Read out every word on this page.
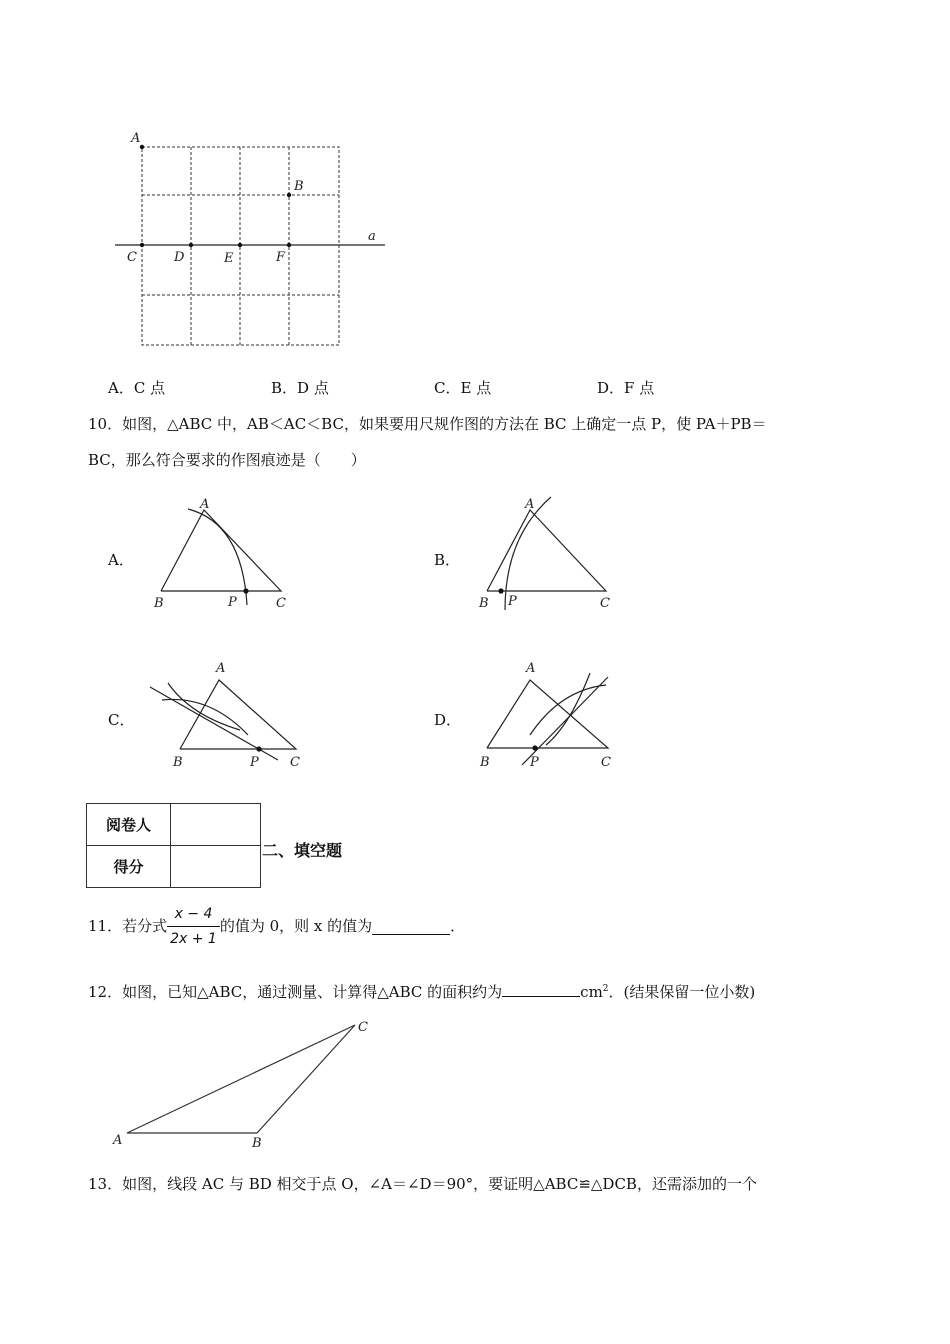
A
B
C	D	E	F
a
A．C 点	B．D 点	C．E 点	D．F 点
10．如图，△ABC 中，AB＜AC＜BC，如果要用尺规作图的方法在 BC 上确定一点 P，使 PA＋PB＝
BC，那么符合要求的作图痕迹是（　　）
A．	B．
C．	D．
A
B	P	C
A
B P	C
A
B	P C
A
B	P	C
阅卷人	
得分	
二、填空题
11． 若分式 $\frac{x - 4}{2x + 1}$ 的值为 0，则 x 的值为	．
12．如图，已知△ABC，通过测量、计算得△ABC 的面积约为	$cm^2$．(结果保留一位小数)
A	B
C
13．如图，线段 AC 与 BD 相交于点 O，∠A＝∠D＝90°，要证明△ABC≌△DCB，还需添加的一个
